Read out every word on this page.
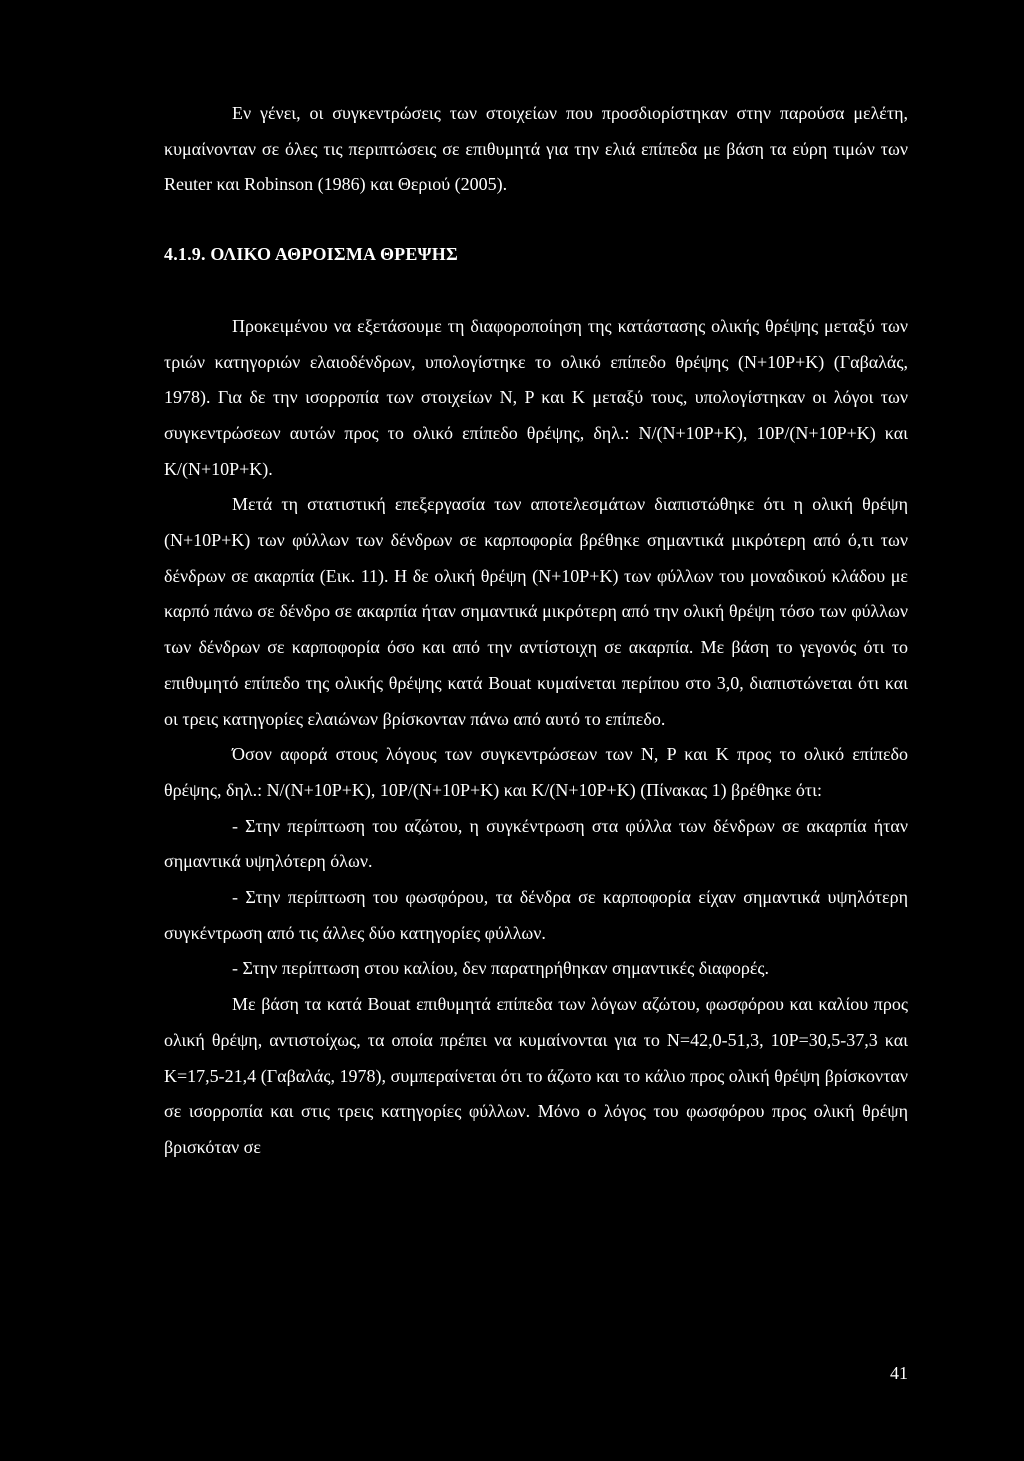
Εν γένει, οι συγκεντρώσεις των στοιχείων που προσδιορίστηκαν στην παρούσα μελέτη, κυμαίνονταν σε όλες τις περιπτώσεις σε επιθυμητά για την ελιά επίπεδα με βάση τα εύρη τιμών των Reuter και Robinson (1986) και Θεριού (2005).

4.1.9. ΟΛΙΚΟ ΑΘΡΟΙΣΜΑ ΘΡΕΨΗΣ

Προκειμένου να εξετάσουμε τη διαφοροποίηση της κατάστασης ολικής θρέψης μεταξύ των τριών κατηγοριών ελαιοδένδρων, υπολογίστηκε το ολικό επίπεδο θρέψης (N+10P+K) (Γαβαλάς, 1978). Για δε την ισορροπία των στοιχείων N, P και K μεταξύ τους, υπολογίστηκαν οι λόγοι των συγκεντρώσεων αυτών προς το ολικό επίπεδο θρέψης, δηλ.: N/(N+10P+K), 10P/(N+10P+K) και K/(N+10P+K).

Μετά τη στατιστική επεξεργασία των αποτελεσμάτων διαπιστώθηκε ότι η ολική θρέψη (N+10P+K) των φύλλων των δένδρων σε καρποφορία βρέθηκε σημαντικά μικρότερη από ό,τι των δένδρων σε ακαρπία (Εικ. 11). Η δε ολική θρέψη (N+10P+K) των φύλλων του μοναδικού κλάδου με καρπό πάνω σε δένδρο σε ακαρπία ήταν σημαντικά μικρότερη από την ολική θρέψη τόσο των φύλλων των δένδρων σε καρποφορία όσο και από την αντίστοιχη σε ακαρπία. Με βάση το γεγονός ότι το επιθυμητό επίπεδο της ολικής θρέψης κατά Bouat κυμαίνεται περίπου στο 3,0, διαπιστώνεται ότι και οι τρεις κατηγορίες ελαιώνων βρίσκονταν πάνω από αυτό το επίπεδο.

Όσον αφορά στους λόγους των συγκεντρώσεων των N, P και K προς το ολικό επίπεδο θρέψης, δηλ.: N/(N+10P+K), 10P/(N+10P+K) και K/(N+10P+K) (Πίνακας 1) βρέθηκε ότι:

- Στην περίπτωση του αζώτου, η συγκέντρωση στα φύλλα των δένδρων σε ακαρπία ήταν σημαντικά υψηλότερη όλων.

- Στην περίπτωση του φωσφόρου, τα δένδρα σε καρποφορία είχαν σημαντικά υψηλότερη συγκέντρωση από τις άλλες δύο κατηγορίες φύλλων.

- Στην περίπτωση στου καλίου, δεν παρατηρήθηκαν σημαντικές διαφορές.

Με βάση τα κατά Bouat επιθυμητά επίπεδα των λόγων αζώτου, φωσφόρου και καλίου προς ολική θρέψη, αντιστοίχως, τα οποία πρέπει να κυμαίνονται για το N=42,0-51,3, 10P=30,5-37,3 και K=17,5-21,4 (Γαβαλάς, 1978), συμπεραίνεται ότι το άζωτο και το κάλιο προς ολική θρέψη βρίσκονταν σε ισορροπία και στις τρεις κατηγορίες φύλλων. Μόνο ο λόγος του φωσφόρου προς ολική θρέψη βρισκόταν σε

41
